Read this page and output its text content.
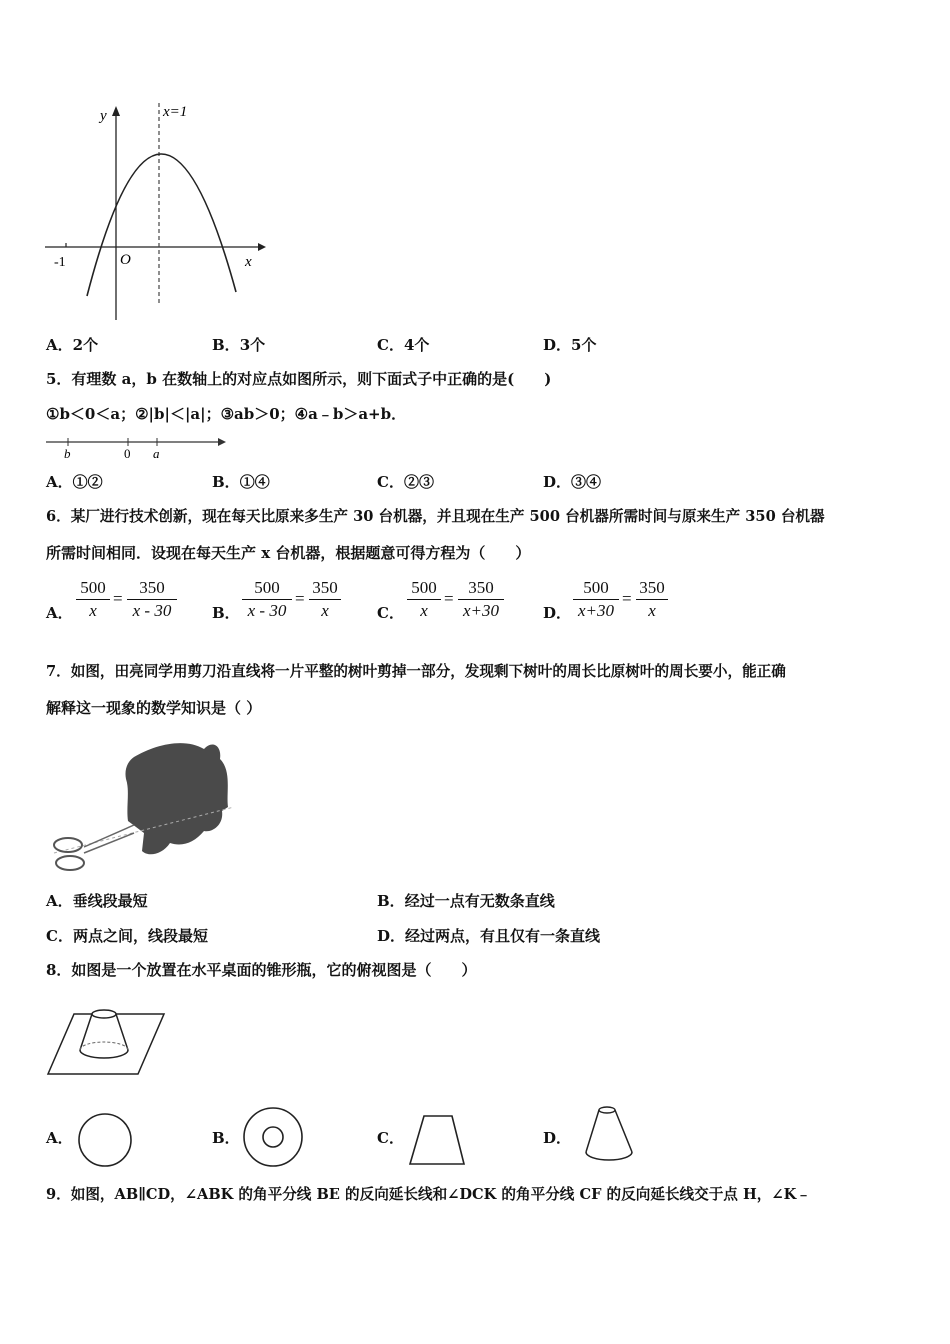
x=1
y
x
O
-1
A．2个	B．3个	C．4个	D．5个
5．有理数 a，b 在数轴上的对应点如图所示，则下面式子中正确的是(　　)
①b＜0＜a；②|b|＜|a|；③ab＞0；④a﹣b＞a+b．
b	0 a
A．①②	B．①④	C．②③	D．③④
6．某厂进行技术创新，现在每天比原来多生产 30 台机器，并且现在生产 500 台机器所需时间与原来生产 350 台机器
所需时间相同．设现在每天生产 x 台机器，根据题意可得方程为（　　）
A．
500
x
=
350
x - 30	B．
500
x - 30
=
350
x	C．
500
x
=
350
x+30	D．
500
x+30
=
350
x
7．如图，田亮同学用剪刀沿直线将一片平整的树叶剪掉一部分，发现剩下树叶的周长比原树叶的周长要小，能正确
解释这一现象的数学知识是（ ）
A．垂线段最短	B．经过一点有无数条直线
C．两点之间，线段最短	D．经过两点，有且仅有一条直线
8．如图是一个放置在水平桌面的锥形瓶，它的俯视图是（　　）
A．	B．	C．	D．
9．如图，AB∥CD，∠ABK 的角平分线 BE 的反向延长线和∠DCK 的角平分线 CF 的反向延长线交于点 H，∠K﹣
